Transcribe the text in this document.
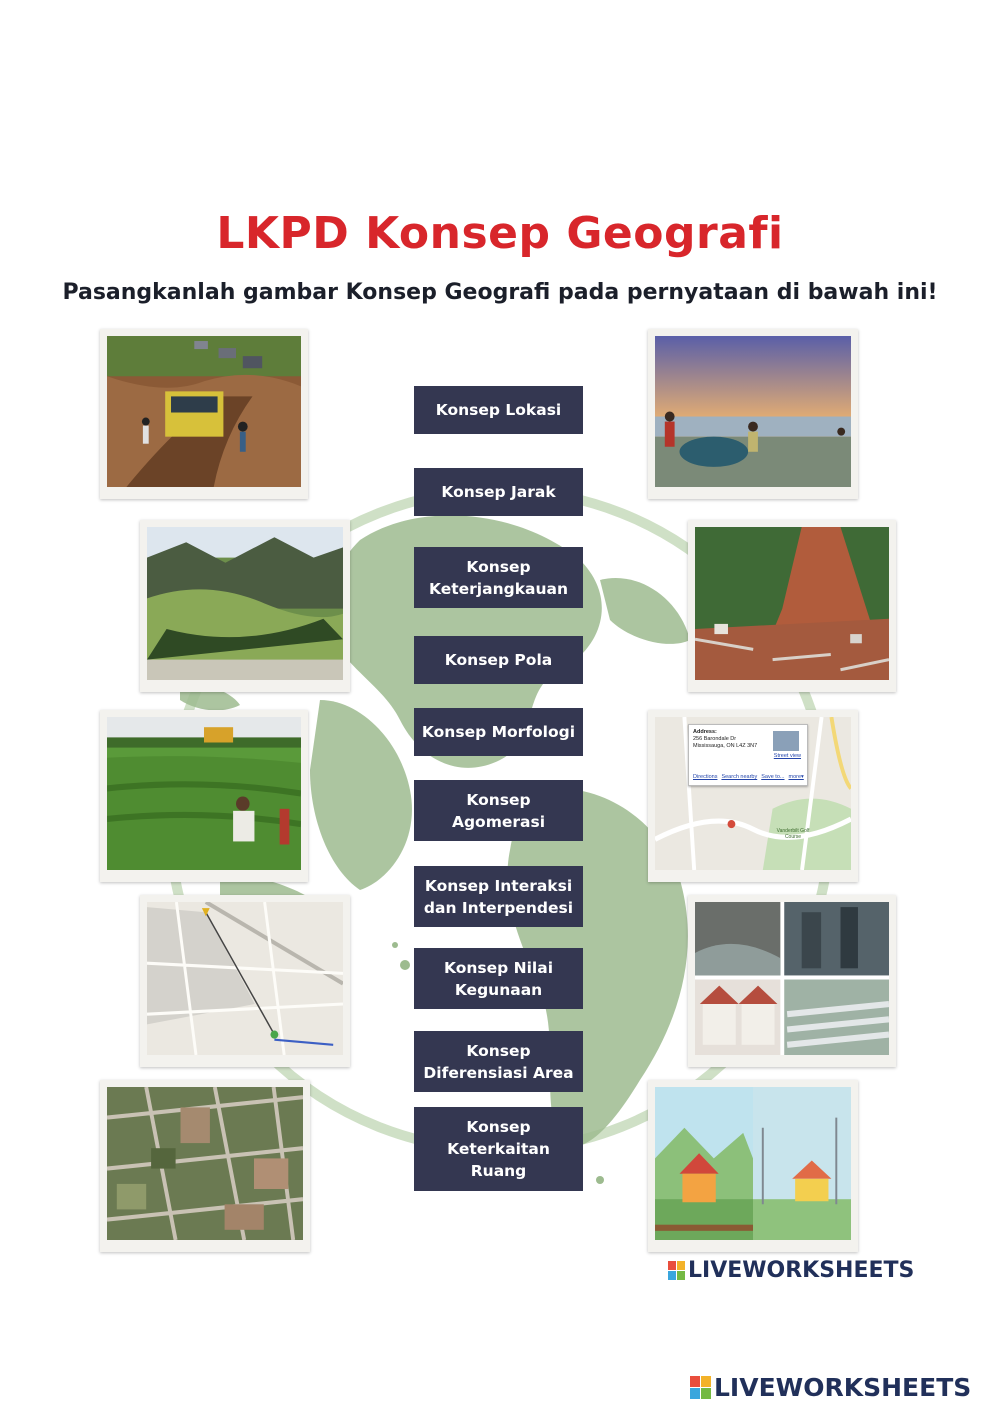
LKPD Konsep Geografi
Pasangkanlah gambar Konsep Geografi pada pernyataan di bawah ini!
Address:
256 Barondale Dr
Mississauga, ON L4Z 3N7
Street view
Directions Search nearby Save to... more▾
Vanderbilt Golf Course
Konsep Lokasi
Konsep Jarak
Konsep Keterjangkauan
Konsep Pola
Konsep Morfologi
Konsep Agomerasi
Konsep Interaksi dan Interpendesi
Konsep Nilai Kegunaan
Konsep Diferensiasi Area
Konsep Keterkaitan Ruang
LIVEWORKSHEETS
LIVEWORKSHEETS
